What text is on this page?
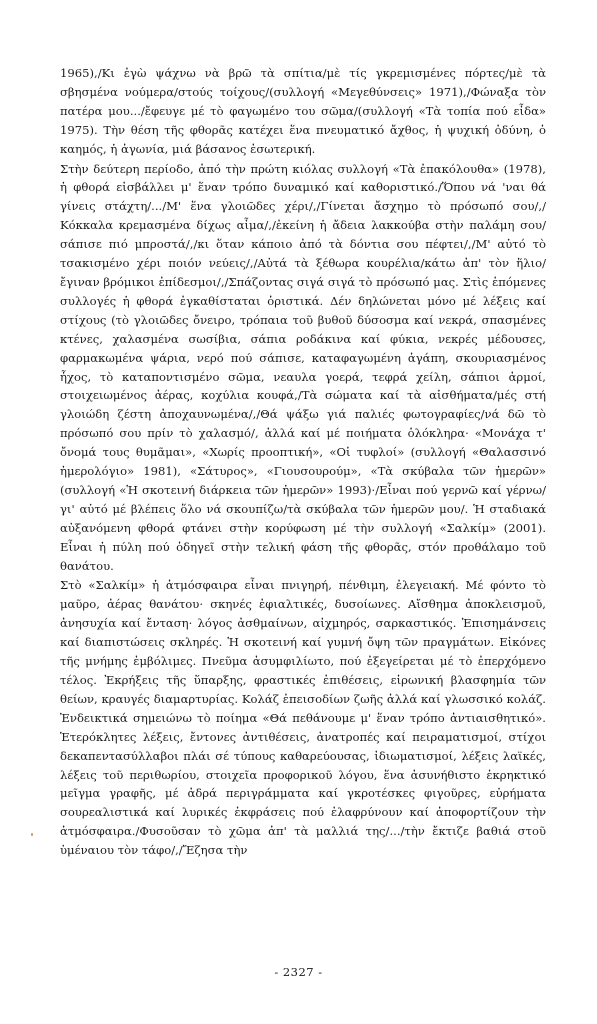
1965),/Κι ἐγὼ ψάχνω νὰ βρῶ τὰ σπίτια/μὲ τίς γκρεμισμένες πόρτες/μὲ τὰ σβησμένα νούμερα/στούς τοίχους/(συλλογή «Μεγεθύνσεις» 1971),/Φώναξα τὸν πατέρα μου.../ἔφευγε μέ τὸ φαγωμένο του σῶμα/(συλλογή «Τὰ τοπία πού εἶδα» 1975). Τὴν θέση τῆς φθορᾶς κατέχει ἕνα πνευματικό ἄχθος, ἡ ψυχική ὀδύνη, ὁ καημός, ἡ ἀγωνία, μιά βάσανος ἐσωτερική.

Στὴν δεύτερη περίοδο, ἀπό τὴν πρώτη κιόλας συλλογή «Τὰ ἐπακόλουθα» (1978), ἡ φθορά εἰσβάλλει μ' ἕναν τρόπο δυναμικό καί καθοριστικό./Ὅπου νά 'ναι θά γίνεις στάχτη/.../Μ' ἕνα γλοιῶδες χέρι/,/Γίνεται ἄσχημο τὸ πρόσωπό σου/,/Κόκκαλα κρεμασμένα δίχως αἷμα/,/ἐκείνη ἡ ἄδεια λακκούβα στὴν παλάμη σου/σάπισε πιό μπροστά/,/κι ὅταν κάποιο ἀπό τὰ δόντια σου πέφτει/,/Μ' αὐτό τὸ τσακισμένο χέρι ποιόν νεύεις/,/Αὐτά τὰ ξέθωρα κουρέλια/κάτω ἀπ' τὸν ἥλιο/ἔγιναν βρόμικοι ἐπίδεσμοι/,/Σπάζοντας σιγά σιγά τὸ πρόσωπό μας. Στὶς ἑπόμενες συλλογές ἡ φθορά ἐγκαθίσταται ὁριστικά. Δέν δηλώνεται μόνο μέ λέξεις καί στίχους (τὸ γλοιῶδες ὄνειρο, τρόπαια τοῦ βυθοῦ δύσοσμα καί νεκρά, σπασμένες κτένες, χαλασμένα σωσίβια, σάπια ροδάκινα καί φύκια, νεκρές μέδουσες, φαρμακωμένα ψάρια, νερό πού σάπισε, καταφαγωμένη ἀγάπη, σκουριασμένος ἦχος, τὸ καταποντισμένο σῶμα, νεαυλα γοερά, τεφρά χείλη, σάπιοι ἁρμοί, στοιχειωμένος ἀέρας, κοχύλια κουφά,/Τὰ σώματα καί τὰ αἰσθήματα/μές στή γλοιώδη ζέστη ἀποχαυνωμένα/,/Θά ψάξω γιά παλιές φωτογραφίες/νά δῶ τὸ πρόσωπό σου πρίν τὸ χαλασμό/, ἀλλά καί μέ ποιήματα ὁλόκληρα· «Μονάχα τ' ὄνομά τους θυμᾶμαι», «Χωρίς προοπτική», «Οἱ τυφλοί» (συλλογή «Θαλασσινό ἡμερολόγιο» 1981), «Σάτυρος», «Γιουσουρούμ», «Τὰ σκύβαλα τῶν ἡμερῶν» (συλλογή «Ἡ σκοτεινή διάρκεια τῶν ἡμερῶν» 1993)·/Εἶναι πού γερνῶ καί γέρνω/γι' αὐτό μέ βλέπεις ὅλο νά σκουπίζω/τὰ σκύβαλα τῶν ἡμερῶν μου/. Ἡ σταδιακά αὐξανόμενη φθορά φτάνει στὴν κορύφωση μέ τὴν συλλογή «Σαλκίμ» (2001). Εἶναι ἡ πύλη πού ὁδηγεῖ στὴν τελική φάση τῆς φθορᾶς, στόν προθάλαμο τοῦ θανάτου.

Στὸ «Σαλκίμ» ἡ ἀτμόσφαιρα εἶναι πνιγηρή, πένθιμη, ἐλεγειακή. Μέ φόντο τὸ μαῦρο, ἀέρας θανάτου· σκηνές ἐφιαλτικές, δυσοίωνες. Αἴσθημα ἀποκλεισμοῦ, ἀνησυχία καί ἔνταση· λόγος ἀσθμαίνων, αἰχμηρός, σαρκαστικός. Ἐπισημάνσεις καί διαπιστώσεις σκληρές. Ἡ σκοτεινή καί γυμνή ὄψη τῶν πραγμάτων. Εἰκόνες τῆς μνήμης ἐμβόλιμες. Πνεῦμα ἀσυμφιλίωτο, πού ἐξεγείρεται μέ τὸ ἐπερχόμενο τέλος. Ἐκρήξεις τῆς ὕπαρξης, φραστικές ἐπιθέσεις, εἰρωνική βλασφημία τῶν θείων, κραυγές διαμαρτυρίας. Κολάζ ἐπεισοδίων ζωῆς ἀλλά καί γλωσσικό κολάζ. Ἐνδεικτικά σημειώνω τὸ ποίημα «Θά πεθάνουμε μ' ἕναν τρόπο ἀντιαισθητικό». Ἑτερόκλητες λέξεις, ἔντονες ἀντιθέσεις, ἀνατροπές καί πειραματισμοί, στίχοι δεκαπεντασύλλαβοι πλάι σέ τύπους καθαρεύουσας, ἰδιωματισμοί, λέξεις λαϊκές, λέξεις τοῦ περιθωρίου, στοιχεῖα προφορικοῦ λόγου, ἕνα ἀσυνήθιστο ἐκρηκτικό μεῖγμα γραφῆς, μέ ἀδρά περιγράμματα καί γκροτέσκες φιγοῦρες, εὐρήματα σουρεαλιστικά καί λυρικές ἐκφράσεις πού ἐλαφρύνουν καί ἀποφορτίζουν τὴν ἀτμόσφαιρα./Φυσοῦσαν τὸ χῶμα ἀπ' τὰ μαλλιά της/.../τὴν ἔκτιζε βαθιά στοῦ ὑμέναιου τὸν τάφο/,/Ἔζησα τὴν

- 2327 -
